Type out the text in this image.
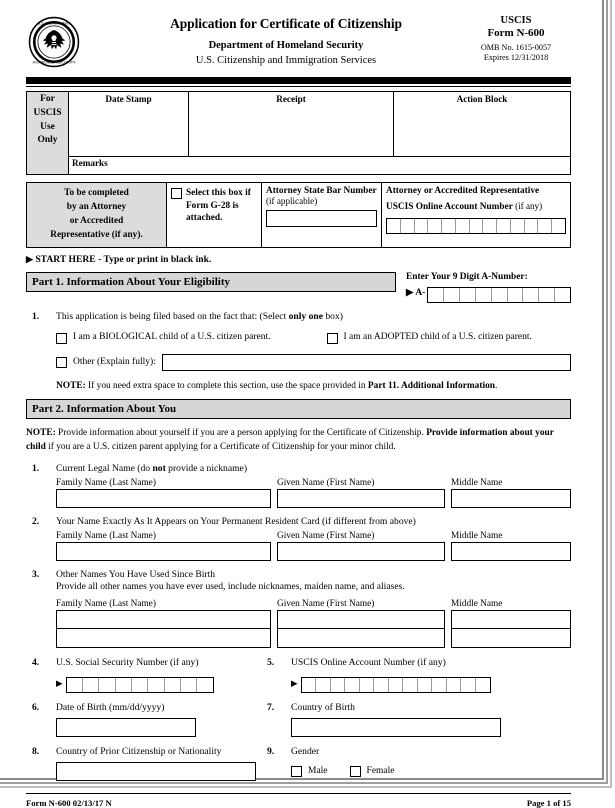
U.S. DEPARTMENT
HOMELAND SECURITY
Application for Certificate of Citizenship
Department of Homeland Security
U.S. Citizenship and Immigration Services
USCIS
Form N-600
OMB No. 1615-0057
Expires 12/31/2018
For
USCIS
Use
Only
	Date Stamp	Receipt	Action Block
Remarks
To be completed
by an Attorney
or Accredited
Representative (if any).

Select this box if
Form G-28 is
attached.

Attorney State Bar Number
(if applicable)

Attorney or Accredited Representative
USCIS Online Account Number (if any)
▶ START HERE - Type or print in black ink.
Part 1. Information About Your Eligibility	Enter Your 9 Digit A-Number:
▶ A-
1.	This application is being filed based on the fact that: (Select only one box)
I am a BIOLOGICAL child of a U.S. citizen parent.	I am an ADOPTED child of a U.S. citizen parent.
Other (Explain fully):
NOTE: If you need extra space to complete this section, use the space provided in Part 11. Additional Information.
Part 2. Information About You
NOTE: Provide information about yourself if you are a person applying for the Certificate of Citizenship. Provide information about your child if you are a U.S. citizen parent applying for a Certificate of Citizenship for your minor child.
1.	Current Legal Name (do not provide a nickname)
Family Name (Last Name)	Given Name (First Name)	Middle Name
2.	Your Name Exactly As It Appears on Your Permanent Resident Card (if different from above)
Family Name (Last Name)	Given Name (First Name)	Middle Name
3.	Other Names You Have Used Since Birth
Provide all other names you have ever used, include nicknames, maiden name, and aliases.
Family Name (Last Name)	Given Name (First Name)	Middle Name
4.	U.S. Social Security Number (if any)
▶
5.	USCIS Online Account Number (if any)
▶
6.	Date of Birth (mm/dd/yyyy)	7.	Country of Birth
8.	Country of Prior Citizenship or Nationality	9.	Gender
Male	Female
Form N-600 02/13/17 N	Page 1 of 15
